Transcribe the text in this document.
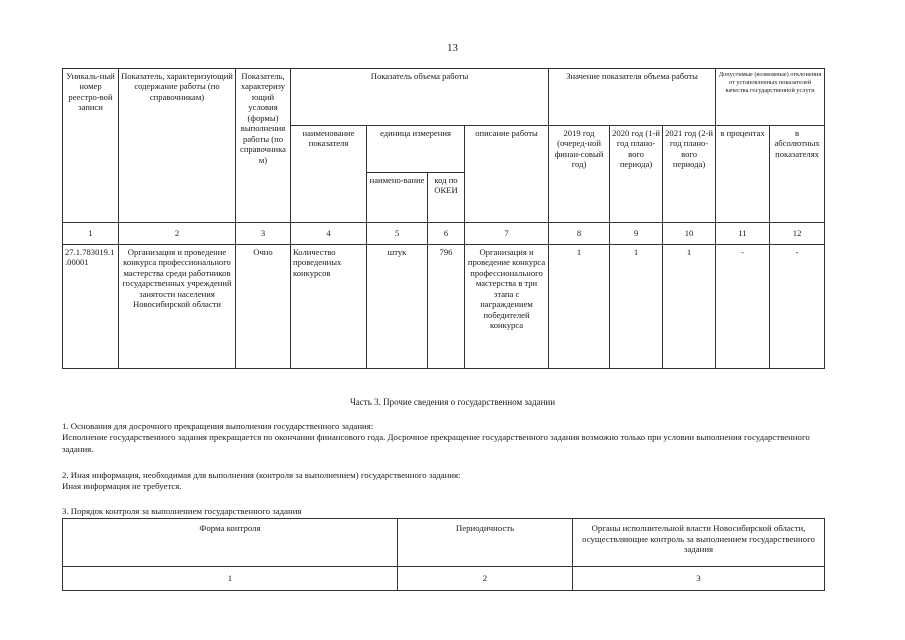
13
Уникаль-ный номер реестро-вой записи	Показатель, характеризующий содержание работы (по справочникам)	Показатель, характеризующий условия (формы) выполнения работы (по справочникам)	Показатель объема работы				Значение показателя объема работы			Допустимые (возможные) отклонения от установленных показателей качества государственной услуги	
			наименование показателя	единица измерения		описание работы	2019 год (очеред-ной финан-совый год)	2020 год (1-й год плано-вого периода)	2021 год (2-й год плано-вого периода)	в процентах	в абсолютных показателях
				наимено-вание	код по ОКЕИ						
1	2	3	4	5	6	7	8	9	10	11	12
27.1.783019.1.00001	Организация и проведение конкурса профессионального мастерства среди работников государственных учреждений занятости населения Новосибирской области	Очно	Количество проведенных конкурсов	штук	796	Организация и проведение конкурса профессионального мастерства в три этапа с награждением победителей конкурса	1	1	1	-	-
Часть 3. Прочие сведения о государственном задании
1. Основания для досрочного прекращения выполнения государственного задания:
Исполнение государственного задания прекращается по окончании финансового года. Досрочное прекращение государственного задания возможно только при условии выполнения государственного задания.
2. Иная информация, необходимая для выполнения (контроля за выполнением) государственного задания:
Иная информация не требуется.
3. Порядок контроля за выполнением государственного задания
Форма контроля	Периодичность	Органы исполнительной власти Новосибирской области, осуществляющие контроль за выполнением государственного задания
1	2	3
